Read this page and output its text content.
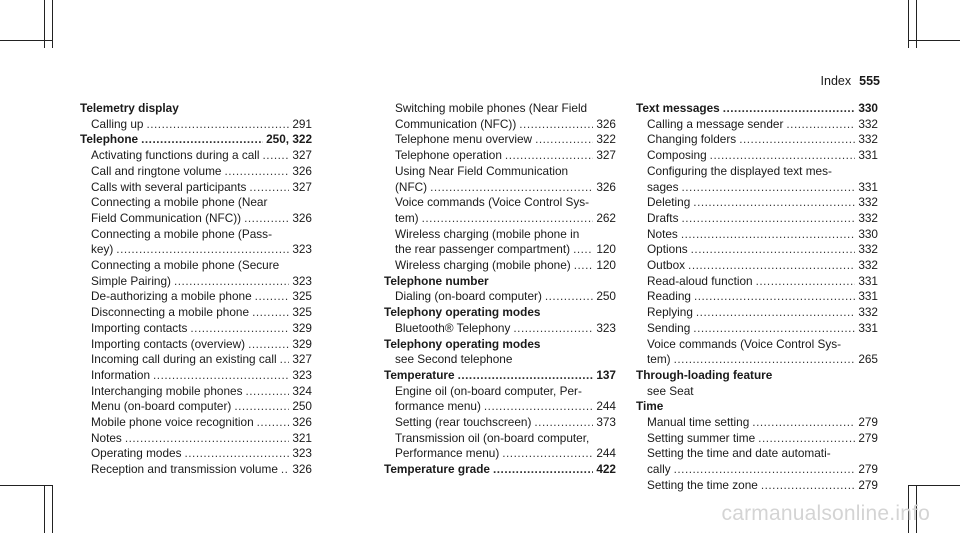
Index 555
Telemetry display
Calling up .....	291
Telephone .....	250, 322
Activating functions during a call .....	327
Call and ringtone volume .....	326
Calls with several participants .....	327
Connecting a mobile phone (Near
Field Communication (NFC)) .....	326
Connecting a mobile phone (Pass-
key) .....	323
Connecting a mobile phone (Secure
Simple Pairing) .....	323
De-authorizing a mobile phone .....	325
Disconnecting a mobile phone .....	325
Importing contacts .....	329
Importing contacts (overview) .....	329
Incoming call during an existing call ..... 327
Information .....	323
Interchanging mobile phones .....	324
Menu (on-board computer) .....	250
Mobile phone voice recognition .....	326
Notes .....	321
Operating modes .....	323
Reception and transmission volume ..... 326
Switching mobile phones (Near Field
Communication (NFC)) .....	326
Telephone menu overview .....	322
Telephone operation .....	327
Using Near Field Communication
(NFC) .....	326
Voice commands (Voice Control Sys-
tem) .....	262
Wireless charging (mobile phone in
the rear passenger compartment) ..... 120
Wireless charging (mobile phone) ..... 120
Telephone number
Dialing (on-board computer) .....	250
Telephony operating modes
Bluetooth® Telephony .....	323
Telephony operating modes
see Second telephone
Temperature .....	137
Engine oil (on-board computer, Per-
formance menu) .....	244
Setting (rear touchscreen) .....	373
Transmission oil (on-board computer,
Performance menu) .....	244
Temperature grade .....	422
Text messages .....	330
Calling a message sender .....	332
Changing folders .....	332
Composing .....	331
Configuring the displayed text mes-
sages .....	331
Deleting .....	332
Drafts .....	332
Notes .....	330
Options .....	332
Outbox .....	332
Read-aloud function .....	331
Reading .....	331
Replying .....	332
Sending .....	331
Voice commands (Voice Control Sys-
tem) .....	265
Through-loading feature
see Seat
Time
Manual time setting .....	279
Setting summer time .....	279
Setting the time and date automati-
cally .....	279
Setting the time zone .....	279
carmanualsonline.info
